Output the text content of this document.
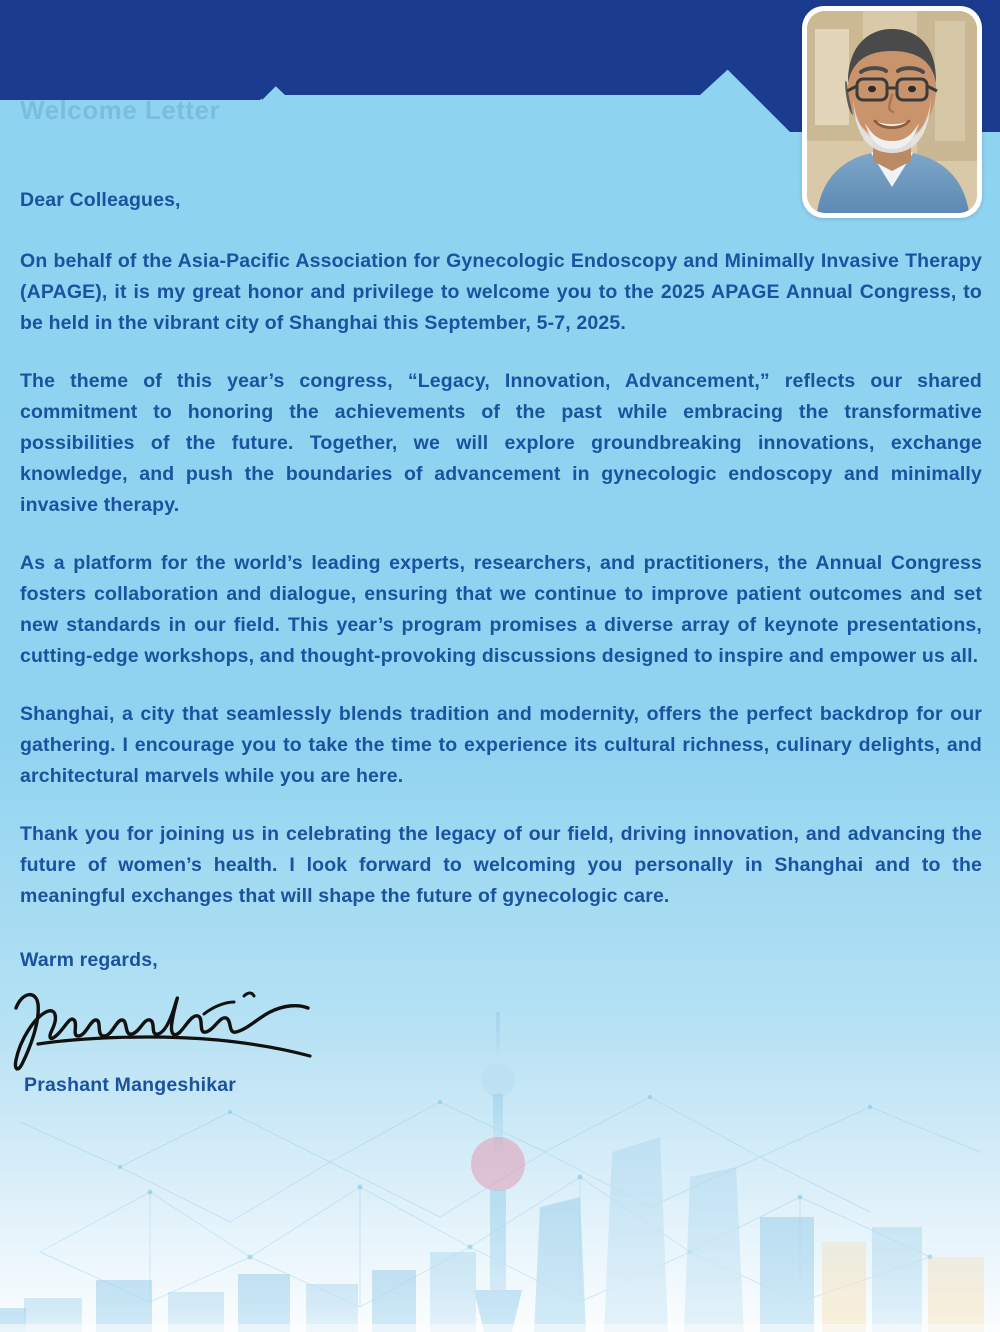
Welcome Letter

Dear Colleagues,

On behalf of the Asia-Pacific Association for Gynecologic Endoscopy and Minimally Invasive Therapy (APAGE), it is my great honor and privilege to welcome you to the 2025 APAGE Annual Congress, to be held in the vibrant city of Shanghai this September, 5-7, 2025.

The theme of this year’s congress, “Legacy, Innovation, Advancement,” reflects our shared commitment to honoring the achievements of the past while embracing the transformative possibilities of the future. Together, we will explore groundbreaking innovations, exchange knowledge, and push the boundaries of advancement in gynecologic endoscopy and minimally invasive therapy.

As a platform for the world’s leading experts, researchers, and practitioners, the Annual Congress fosters collaboration and dialogue, ensuring that we continue to improve patient outcomes and set new standards in our field. This year’s program promises a diverse array of keynote presentations, cutting-edge workshops, and thought-provoking discussions designed to inspire and empower us all.

Shanghai, a city that seamlessly blends tradition and modernity, offers the perfect backdrop for our gathering. I encourage you to take the time to experience its cultural richness, culinary delights, and architectural marvels while you are here.

Thank you for joining us in celebrating the legacy of our field, driving innovation, and advancing the future of women’s health. I look forward to welcoming you personally in Shanghai and to the meaningful exchanges that will shape the future of gynecologic care.

Warm regards,

Prashant Mangeshikar
